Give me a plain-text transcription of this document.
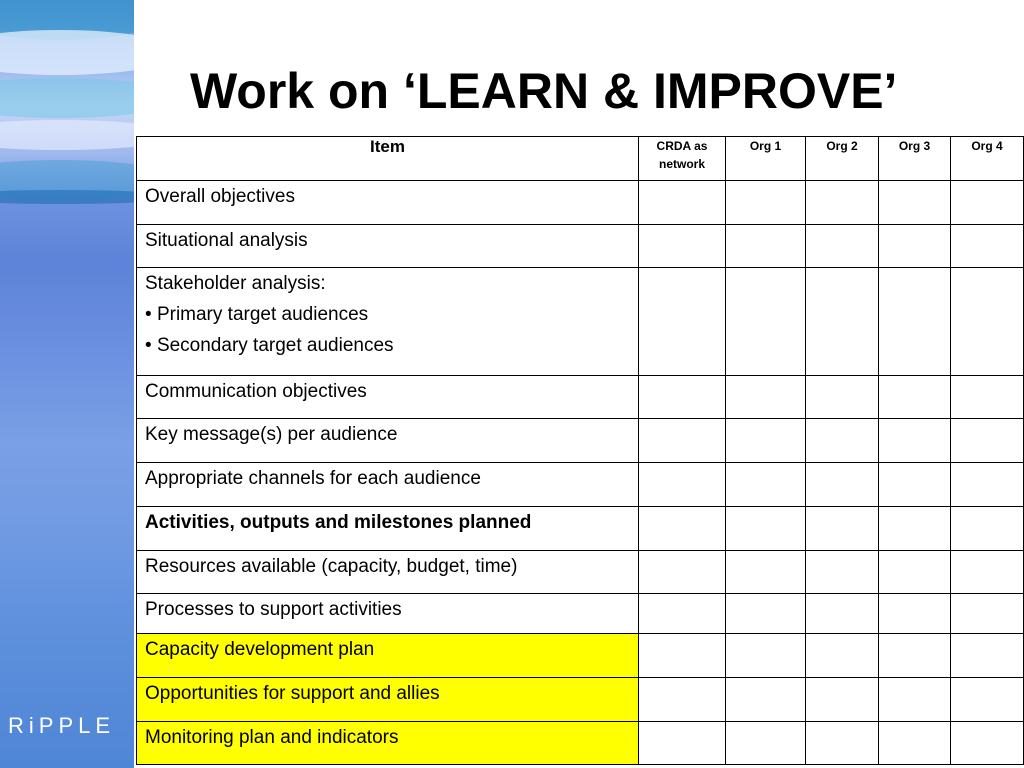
RiPPLE
Work on ‘LEARN & IMPROVE’
Item	CRDA as network	Org 1	Org 2	Org 3	Org 4
Overall objectives					
Situational analysis					

Stakeholder analysis:
• Primary target audiences
• Secondary target audiences					

Communication objectives					
Key message(s) per audience					
Appropriate channels for each audience					
Activities, outputs and milestones planned					
Resources available (capacity, budget, time)					
Processes to support activities					
Capacity development plan					
Opportunities for support and allies					
Monitoring plan and indicators					
